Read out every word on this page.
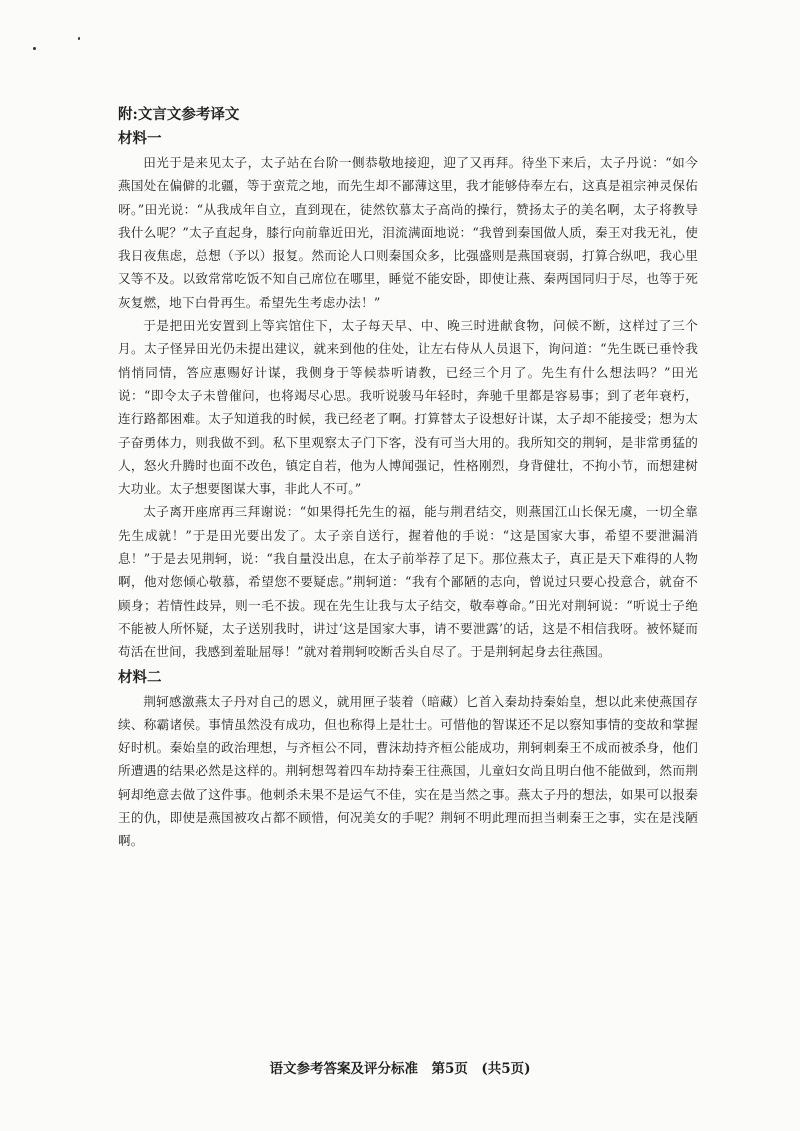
附:文言文参考译文

材料一

田光于是来见太子，太子站在台阶一侧恭敬地接迎，迎了又再拜。待坐下来后，太子丹说：“如今燕国处在偏僻的北疆，等于蛮荒之地，而先生却不鄙薄这里，我才能够侍奉左右，这真是祖宗神灵保佑呀。”田光说：“从我成年自立，直到现在，徒然钦慕太子高尚的操行，赞扬太子的美名啊，太子将教导我什么呢？”太子直起身，膝行向前靠近田光，泪流满面地说：“我曾到秦国做人质，秦王对我无礼，使我日夜焦虑，总想（予以）报复。然而论人口则秦国众多，比强盛则是燕国衰弱，打算合纵吧，我心里又等不及。以致常常吃饭不知自己席位在哪里，睡觉不能安卧，即使让燕、秦两国同归于尽，也等于死灰复燃，地下白骨再生。希望先生考虑办法！”

于是把田光安置到上等宾馆住下，太子每天早、中、晚三时进献食物，问候不断，这样过了三个月。太子怪异田光仍未提出建议，就来到他的住处，让左右侍从人员退下，询问道：“先生既已垂怜我悄悄同情，答应惠赐好计谋，我侧身于等候恭听请教，已经三个月了。先生有什么想法吗？”田光说：“即令太子未曾催问，也将竭尽心思。我听说骏马年轻时，奔驰千里都是容易事；到了老年衰朽，连行路都困难。太子知道我的时候，我已经老了啊。打算替太子设想好计谋，太子却不能接受；想为太子奋勇体力，则我做不到。私下里观察太子门下客，没有可当大用的。我所知交的荆轲，是非常勇猛的人，怒火升腾时也面不改色，镇定自若，他为人博闻强记，性格刚烈，身背健壮，不拘小节，而想建树大功业。太子想要图谋大事，非此人不可。”

太子离开座席再三拜谢说：“如果得托先生的福，能与荆君结交，则燕国江山长保无虞，一切全靠先生成就！”于是田光要出发了。太子亲自送行，握着他的手说：“这是国家大事，希望不要泄漏消息！”于是去见荆轲，说：“我自量没出息，在太子前举荐了足下。那位燕太子，真正是天下难得的人物啊，他对您倾心敬慕，希望您不要疑虑。”荆轲道：“我有个鄙陋的志向，曾说过只要心投意合，就奋不顾身；若情性歧异，则一毛不拔。现在先生让我与太子结交，敬奉尊命。”田光对荆轲说：“听说士子绝不能被人所怀疑，太子送别我时，讲过‘这是国家大事，请不要泄露’的话，这是不相信我呀。被怀疑而苟活在世间，我感到羞耻屈辱！”就对着荆轲咬断舌头自尽了。于是荆轲起身去往燕国。

材料二

荆轲感激燕太子丹对自己的恩义，就用匣子装着（暗藏）匕首入秦劫持秦始皇，想以此来使燕国存续、称霸诸侯。事情虽然没有成功，但也称得上是壮士。可惜他的智谋还不足以察知事情的变故和掌握好时机。秦始皇的政治理想，与齐桓公不同，曹沫劫持齐桓公能成功，荆轲刺秦王不成而被杀身，他们所遭遇的结果必然是这样的。荆轲想驾着四车劫持秦王往燕国，儿童妇女尚且明白他不能做到，然而荆轲却绝意去做了这件事。他刺杀未果不是运气不佳，实在是当然之事。燕太子丹的想法，如果可以报秦王的仇，即使是燕国被攻占都不顾惜，何况美女的手呢？荆轲不明此理而担当刺秦王之事，实在是浅陋啊。

语文参考答案及评分标准　第5页　(共5页)
